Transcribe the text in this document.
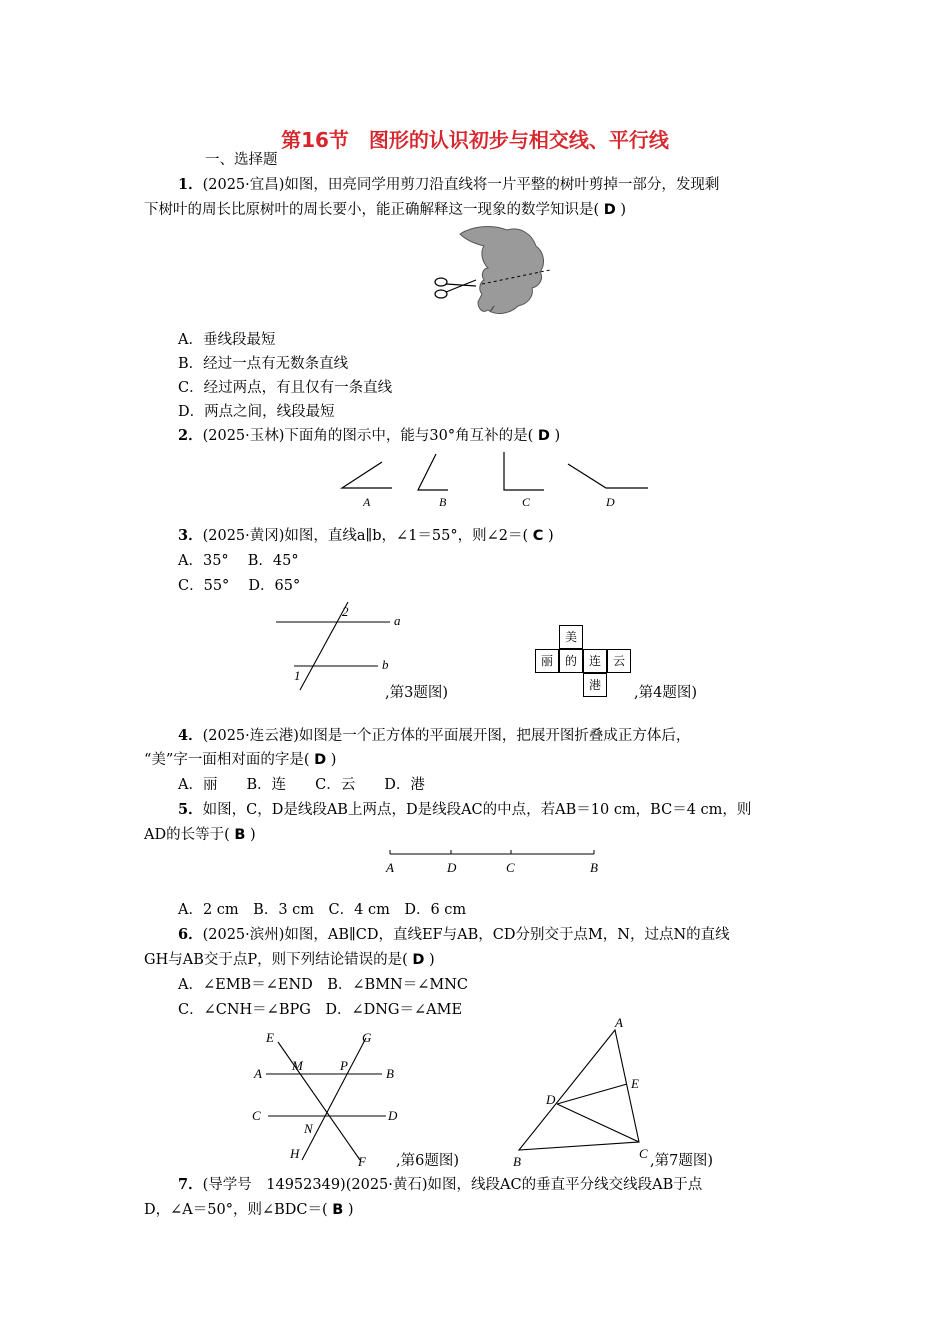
第16节　图形的认识初步与相交线、平行线
一、选择题
1．(2025·宜昌)如图，田亮同学用剪刀沿直线将一片平整的树叶剪掉一部分，发现剩
下树叶的周长比原树叶的周长要小，能正确解释这一现象的数学知识是( D )
A．垂线段最短
B．经过一点有无数条直线
C．经过两点，有且仅有一条直线
D．两点之间，线段最短
2．(2025·玉林)下面角的图示中，能与30°角互补的是( D )
A	B	C	D
3．(2025·黄冈)如图，直线a∥b，∠1＝55°，则∠2＝( C )
A．35°　 B．45°
C．55°　 D．65°
a
b
2
1
,第3题图)
美
丽 的 连 云
港	,第4题图)
4．(2025·连云港)如图是一个正方体的平面展开图，把展开图折叠成正方体后，
“美”字一面相对面的字是( D )
A．丽　　B．连　　C．云　　D．港
5．如图，C，D是线段AB上两点，D是线段AC的中点，若AB＝10 cm，BC＝4 cm，则
AD的长等于( B )
A	D	C	B
A．2 cm　B．3 cm　C．4 cm　D．6 cm
6．(2025·滨州)如图，AB∥CD，直线EF与AB，CD分别交于点M，N，过点N的直线
GH与AB交于点P，则下列结论错误的是( D )
A．∠EMB＝∠END　B．∠BMN＝∠MNC
C．∠CNH＝∠BPG　D．∠DNG＝∠AME
E	G
A
M	P
B
C	D
N
H
F ,第6题图)
A
E
D
B
C ,第7题图)
7．(导学号　14952349)(2025·黄石)如图，线段AC的垂直平分线交线段AB于点
D，∠A＝50°，则∠BDC＝( B )
